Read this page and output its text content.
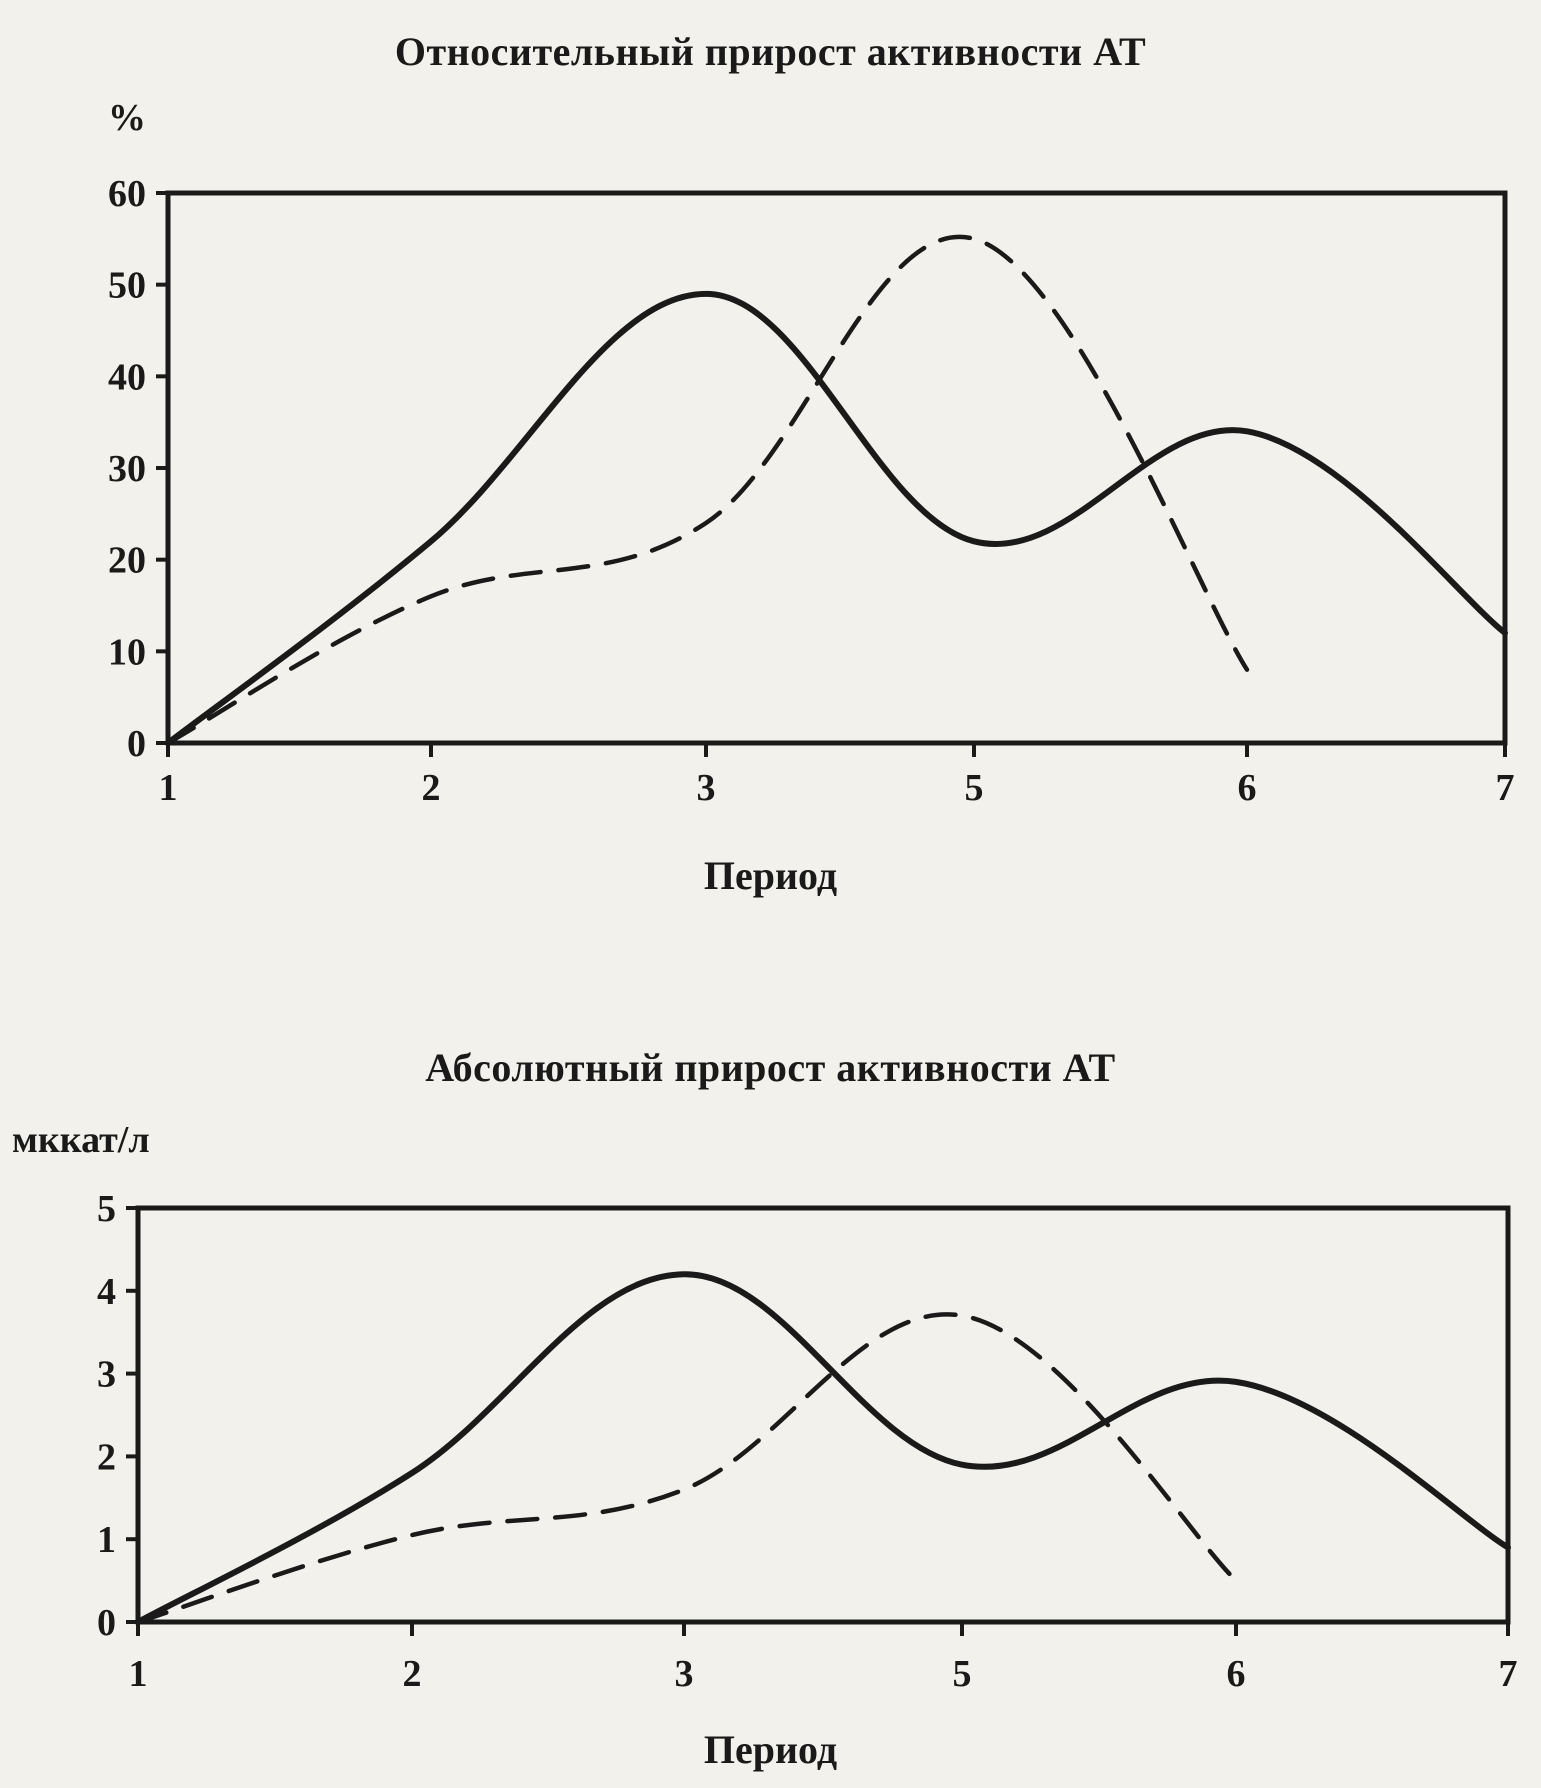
Относительный прирост активности АТ
%
0
10
20
30
40
50
60
1	2	3	5	6	7
Период
Абсолютный прирост активности АТ
мккат/л
0
1
2
3
4
5
1	2	3	5	6	7
Период
